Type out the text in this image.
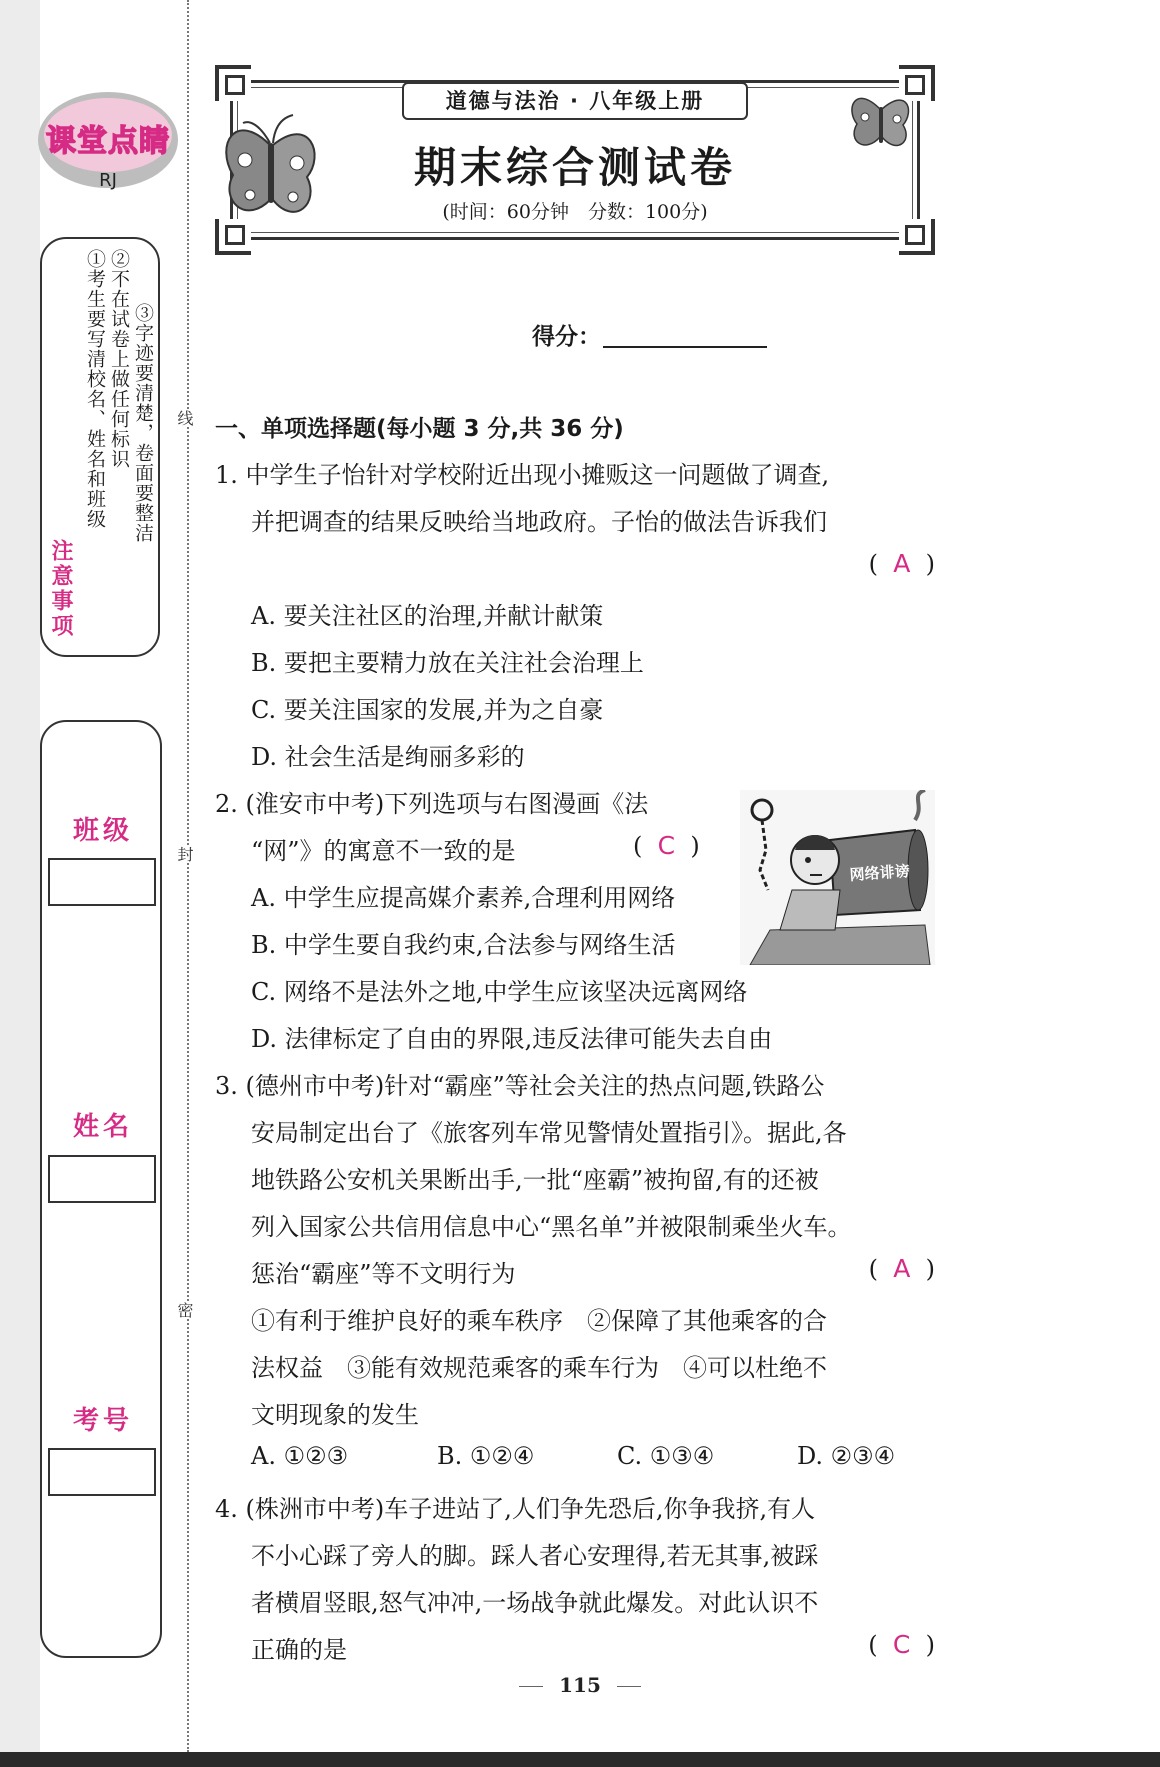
课堂点睛
RJ
注意事项
①考生要写清校名、姓名和班级 ②不在试卷上做任何标识 ③字迹要清楚，卷面要整洁
班级
姓名
考号
线
封
密
道德与法治 · 八年级上册
期末综合测试卷
(时间：60分钟　分数：100分)
得分：
一、单项选择题(每小题 3 分,共 36 分)
1. 中学生子怡针对学校附近出现小摊贩这一问题做了调查,
并把调查的结果反映给当地政府。子怡的做法告诉我们
(  A  )
A. 要关注社区的治理,并献计献策
B. 要把主要精力放在关注社会治理上
C. 要关注国家的发展,并为之自豪
D. 社会生活是绚丽多彩的
2. (淮安市中考)下列选项与右图漫画《法
“网”》的寓意不一致的是	(  C  )
A. 中学生应提高媒介素养,合理利用网络
B. 中学生要自我约束,合法参与网络生活
C. 网络不是法外之地,中学生应该坚决远离网络
D. 法律标定了自由的界限,违反法律可能失去自由
网络诽谤
3. (德州市中考)针对“霸座”等社会关注的热点问题,铁路公
安局制定出台了《旅客列车常见警情处置指引》。据此,各
地铁路公安机关果断出手,一批“座霸”被拘留,有的还被
列入国家公共信用信息中心“黑名单”并被限制乘坐火车。
惩治“霸座”等不文明行为	(  A  )
①有利于维护良好的乘车秩序　②保障了其他乘客的合
法权益　③能有效规范乘客的乘车行为　④可以杜绝不
文明现象的发生
A. ①②③	B. ①②④	C. ①③④	D. ②③④
4. (株洲市中考)车子进站了,人们争先恐后,你争我挤,有人
不小心踩了旁人的脚。踩人者心安理得,若无其事,被踩
者横眉竖眼,怒气冲冲,一场战争就此爆发。对此认识不
正确的是	(  C  )
115
